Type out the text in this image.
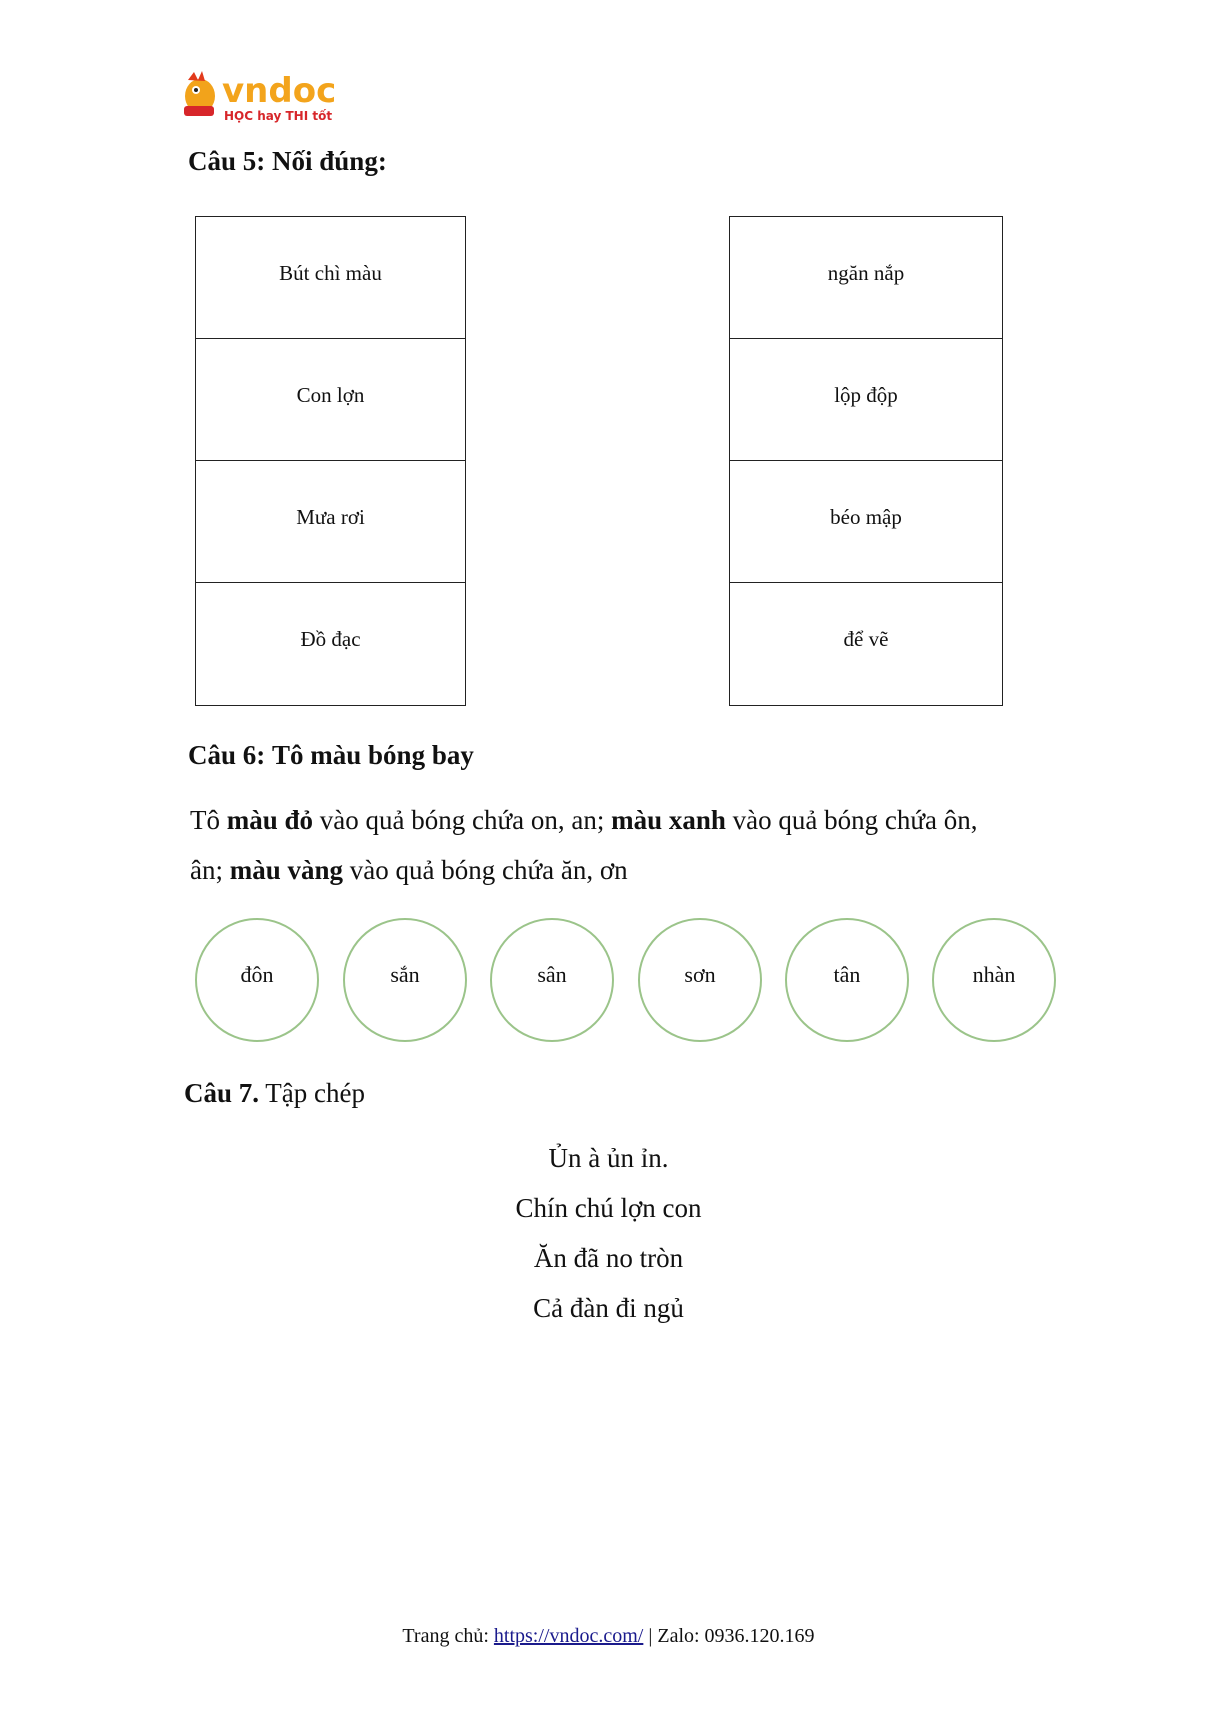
vndoc
HỌC hay THI tốt
Câu 5: Nối đúng:
Bút chì màu
Con lợn
Mưa rơi
Đồ đạc
ngăn nắp
lộp độp
béo mập
để vẽ
Câu 6: Tô màu bóng bay
Tô màu đỏ vào quả bóng chứa on, an; màu xanh vào quả bóng chứa ôn,
ân; màu vàng vào quả bóng chứa ăn, ơn
đôn	sắn	sân	sơn	tân	nhàn
Câu 7. Tập chép
Ủn à ủn ỉn.
Chín chú lợn con
Ăn đã no tròn
Cả đàn đi ngủ
Trang chủ: https://vndoc.com/ | Zalo: 0936.120.169
